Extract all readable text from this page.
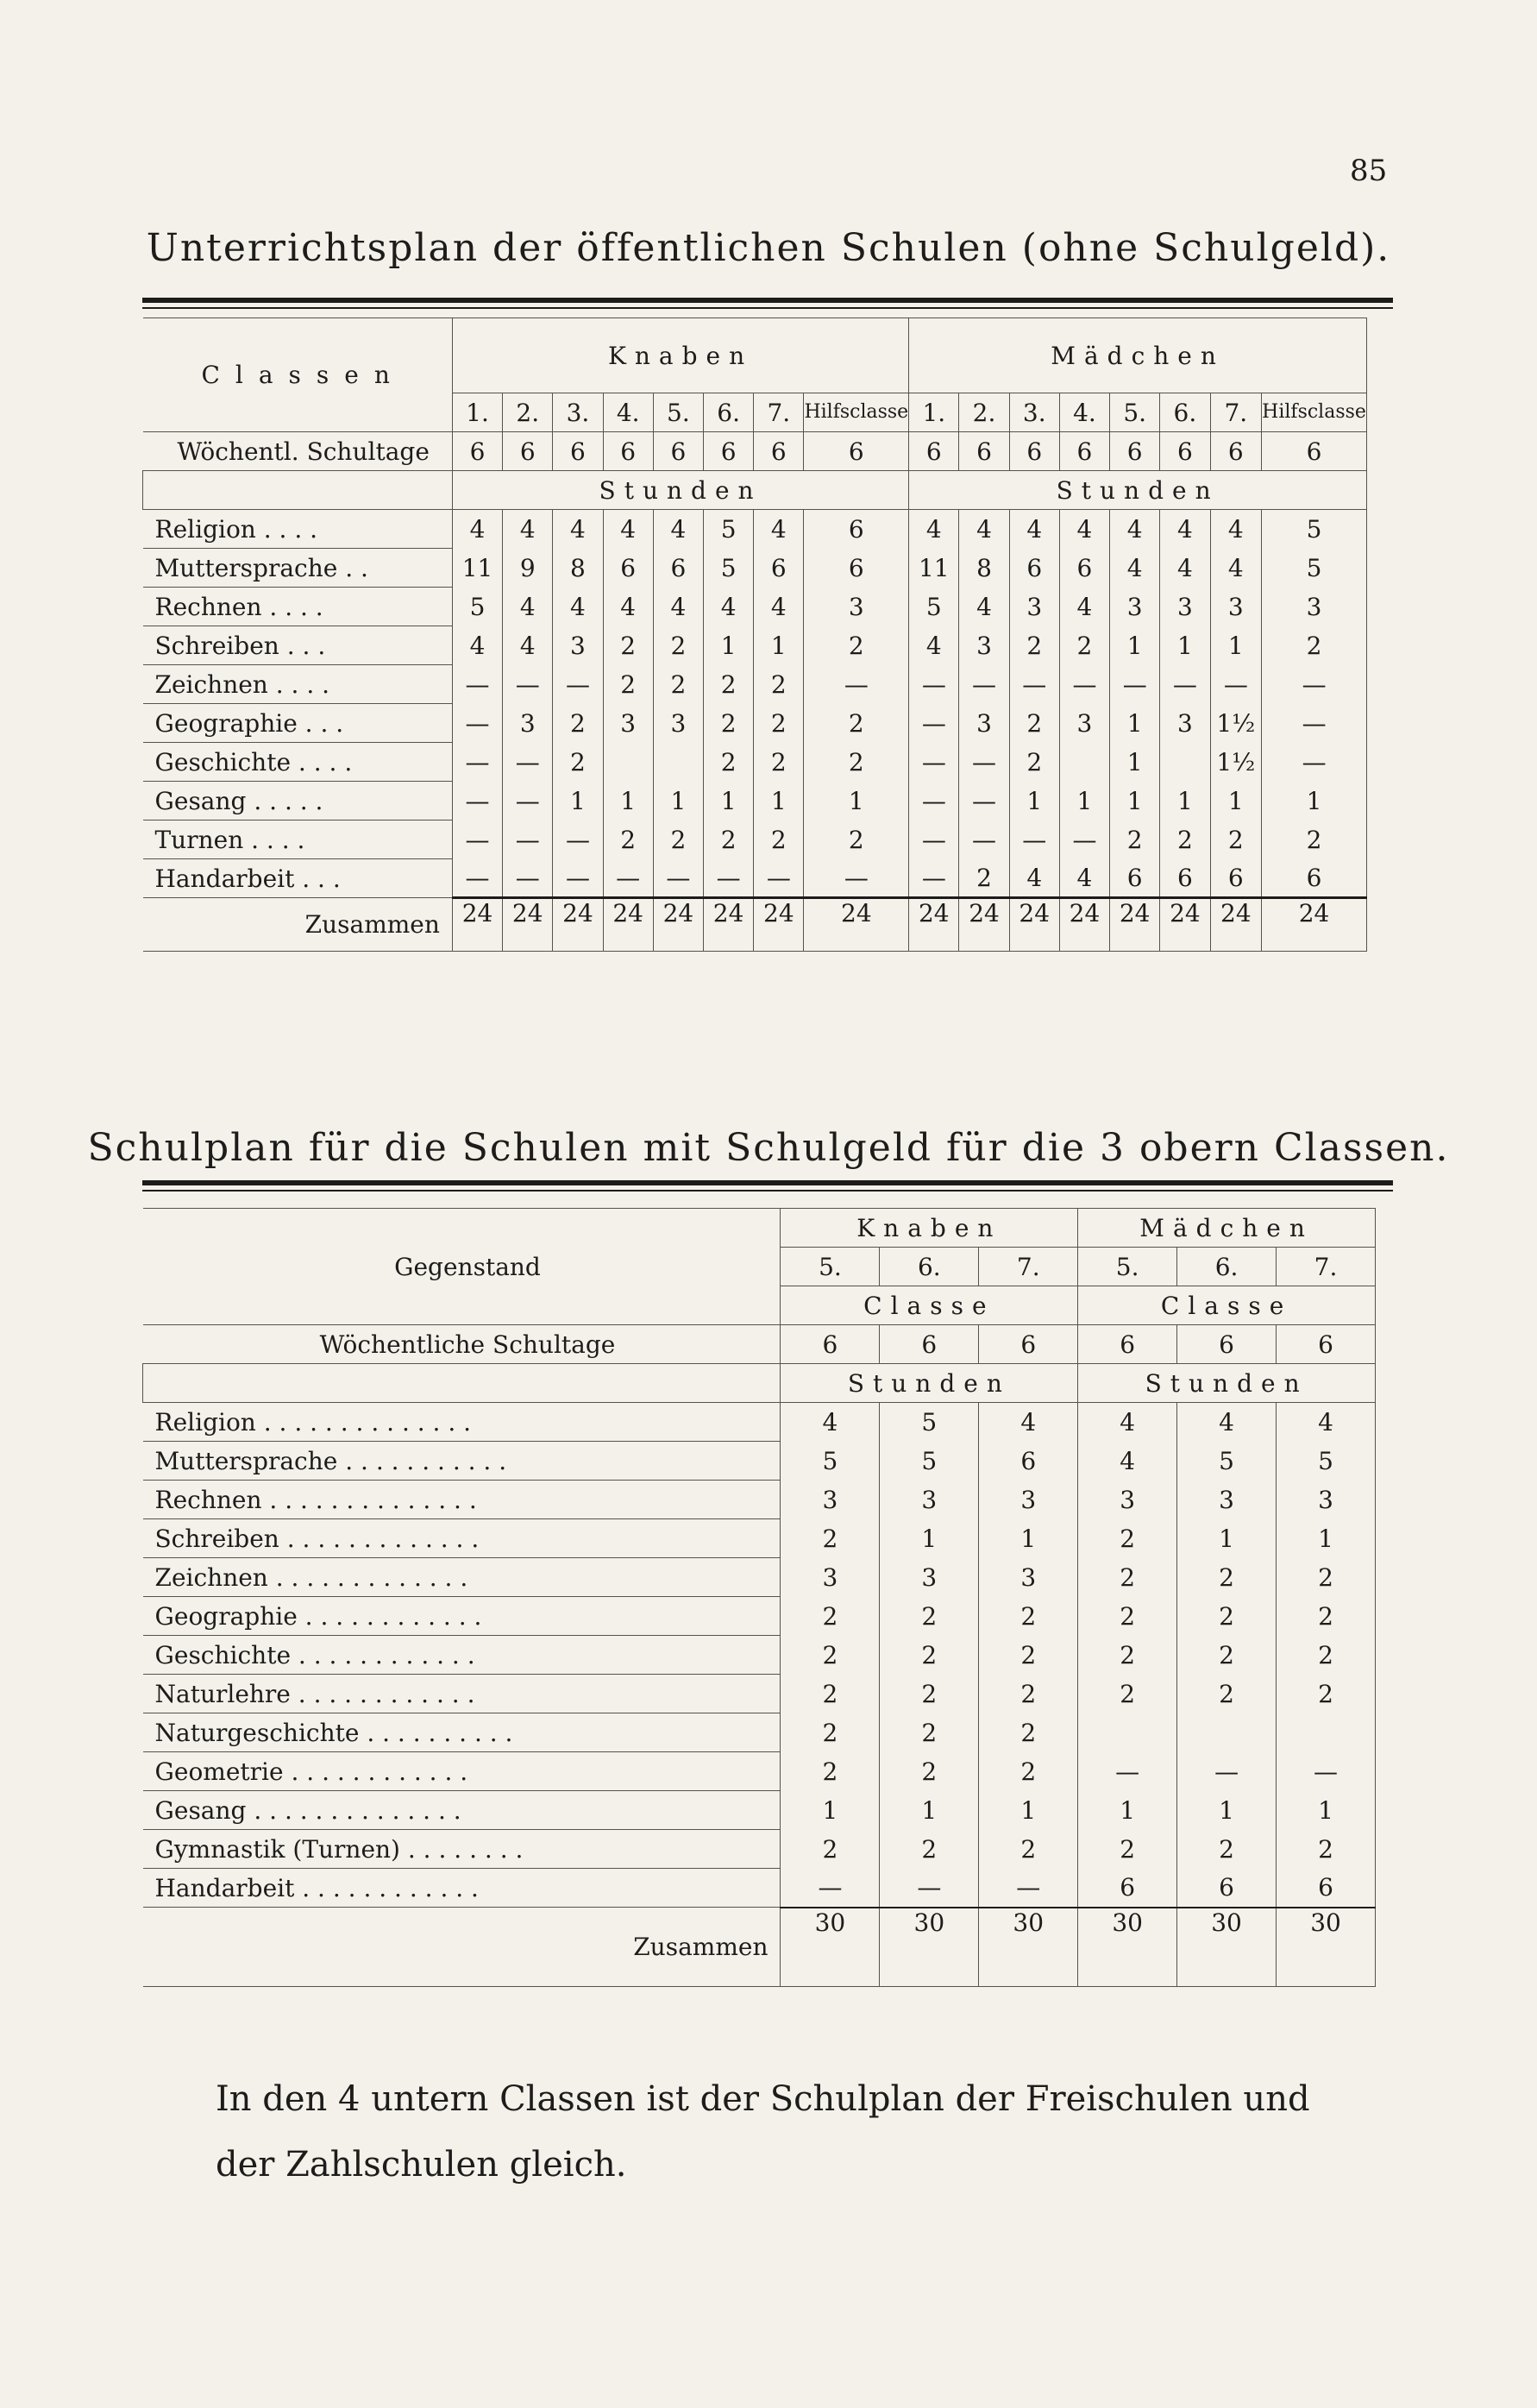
85
Unterrichtsplan der öffentlichen Schulen (ohne Schulgeld).
Classen	Knaben								Mädchen							
	1.	2.	3.	4.	5.	6.	7.	Hilfsclasse	1.	2.	3.	4.	5.	6.	7.	Hilfsclasse
Wöchentl. Schultage	6	6	6	6	6	6	6	6	6	6	6	6	6	6	6	6
	Stunden								Stunden							
Religion . . . .	4	4	4	4	4	5	4	6	4	4	4	4	4	4	4	5
Muttersprache . .	11	9	8	6	6	5	6	6	11	8	6	6	4	4	4	5
Rechnen . . . .	5	4	4	4	4	4	4	3	5	4	3	4	3	3	3	3
Schreiben . . .	4	4	3	2	2	1	1	2	4	3	2	2	1	1	1	2
Zeichnen . . . .	—	—	—	2	2	2	2	—	—	—	—	—	—	—	—	—
Geographie . . .	—	3	2	3	3	2	2	2	—	3	2	3	1	3	1½	—
Geschichte . . . .	—	—	2			2	2	2	—	—	2		1		1½	—
Gesang . . . . .	—	—	1	1	1	1	1	1	—	—	1	1	1	1	1	1
Turnen . . . .	—	—	—	2	2	2	2	2	—	—	—	—	2	2	2	2
Handarbeit . . .	—	—	—	—	—	—	—	—	—	2	4	4	6	6	6	6
Zusammen	24	24	24	24	24	24	24	24	24	24	24	24	24	24	24	24
Schulplan für die Schulen mit Schulgeld für die 3 obern Classen.
Gegenstand	Knaben			Mädchen		
	5.	6.	7.	5.	6.	7.
	Classe			Classe		
Wöchentliche Schultage	6	6	6	6	6	6
	Stunden			Stunden		
Religion . . . . . . . . . . . . . .	4	5	4	4	4	4
Muttersprache . . . . . . . . . . .	5	5	6	4	5	5
Rechnen . . . . . . . . . . . . . .	3	3	3	3	3	3
Schreiben . . . . . . . . . . . . .	2	1	1	2	1	1
Zeichnen . . . . . . . . . . . . .	3	3	3	2	2	2
Geographie . . . . . . . . . . . .	2	2	2	2	2	2
Geschichte . . . . . . . . . . . .	2	2	2	2	2	2
Naturlehre . . . . . . . . . . . .	2	2	2	2	2	2
Naturgeschichte . . . . . . . . . .	2	2	2			
Geometrie . . . . . . . . . . . .	2	2	2	—	—	—
Gesang . . . . . . . . . . . . . .	1	1	1	1	1	1
Gymnastik (Turnen) . . . . . . . .	2	2	2	2	2	2
Handarbeit . . . . . . . . . . . .	—	—	—	6	6	6
Zusammen	30	30	30	30	30	30
In den 4 untern Classen ist der Schulplan der Freischulen und der Zahlschulen gleich.
